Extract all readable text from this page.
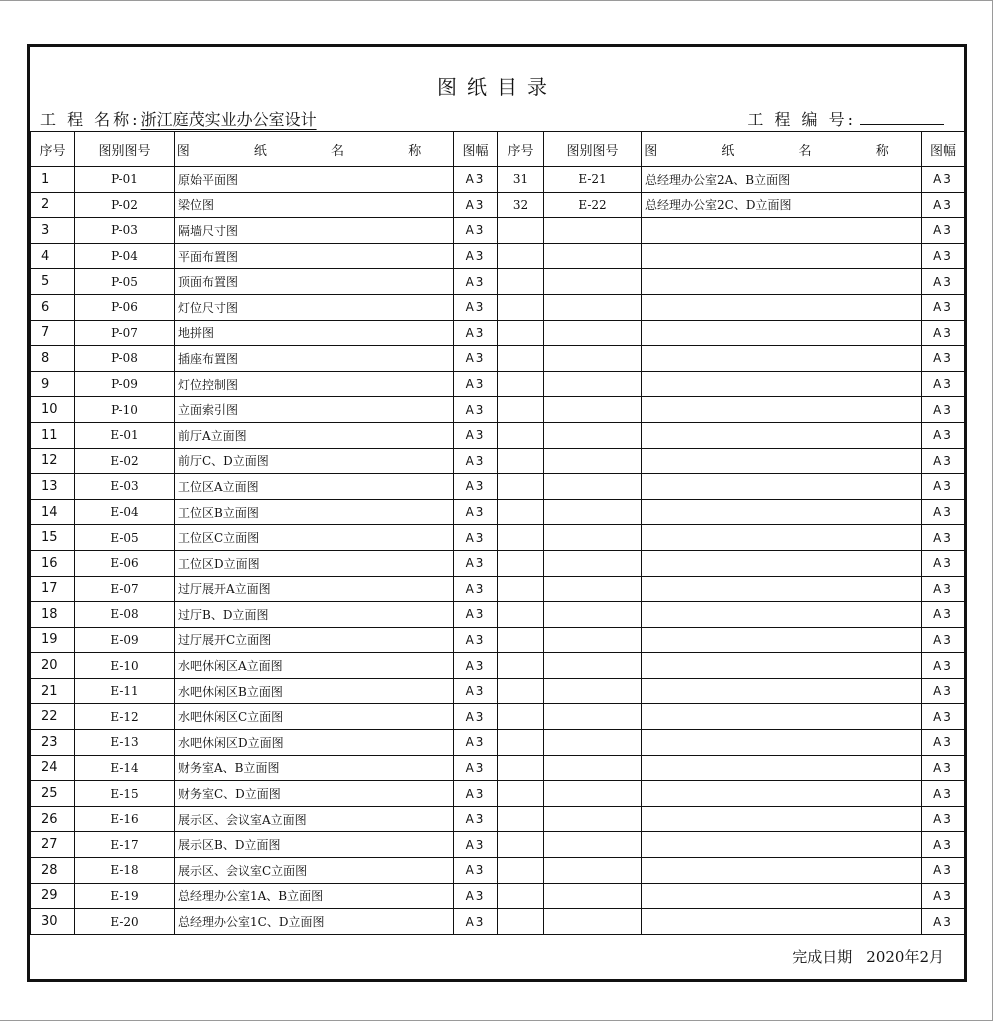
图纸目录
工 程 名称:浙江庭茂实业办公室设计	工 程 编 号:
序号	图别图号	图 纸 名 称	图幅	序号	图别图号	图 纸 名 称	图幅
1	P-01	原始平面图	A3	31	E-21	总经理办公室2A、B立面图	A3
2	P-02	梁位图	A3	32	E-22	总经理办公室2C、D立面图	A3
3	P-03	隔墙尺寸图	A3				A3
4	P-04	平面布置图	A3				A3
5	P-05	顶面布置图	A3				A3
6	P-06	灯位尺寸图	A3				A3
7	P-07	地拼图	A3				A3
8	P-08	插座布置图	A3				A3
9	P-09	灯位控制图	A3				A3
10	P-10	立面索引图	A3				A3
11	E-01	前厅A立面图	A3				A3
12	E-02	前厅C、D立面图	A3				A3
13	E-03	工位区A立面图	A3				A3
14	E-04	工位区B立面图	A3				A3
15	E-05	工位区C立面图	A3				A3
16	E-06	工位区D立面图	A3				A3
17	E-07	过厅展开A立面图	A3				A3
18	E-08	过厅B、D立面图	A3				A3
19	E-09	过厅展开C立面图	A3				A3
20	E-10	水吧休闲区A立面图	A3				A3
21	E-11	水吧休闲区B立面图	A3				A3
22	E-12	水吧休闲区C立面图	A3				A3
23	E-13	水吧休闲区D立面图	A3				A3
24	E-14	财务室A、B立面图	A3				A3
25	E-15	财务室C、D立面图	A3				A3
26	E-16	展示区、会议室A立面图	A3				A3
27	E-17	展示区B、D立面图	A3				A3
28	E-18	展示区、会议室C立面图	A3				A3
29	E-19	总经理办公室1A、B立面图	A3				A3
30	E-20	总经理办公室1C、D立面图	A3				A3
完成日期 2020年2月
